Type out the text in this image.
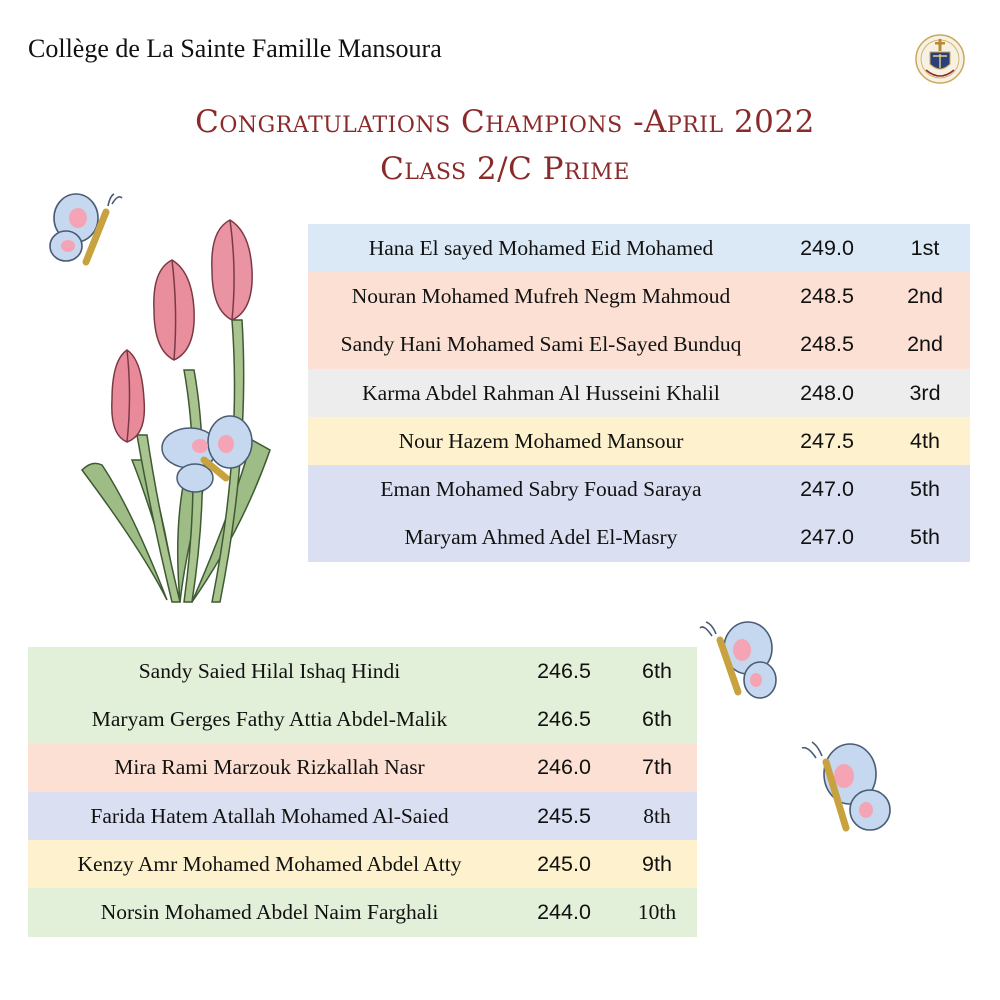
Collège de La Sainte Famille Mansoura
Congratulations Champions -April 2022
Class 2/C Prime
Hana El sayed Mohamed Eid Mohamed	249.0	1st
Nouran Mohamed Mufreh Negm Mahmoud	248.5	2nd
Sandy Hani Mohamed Sami El-Sayed Bunduq	248.5	2nd
Karma Abdel Rahman Al Husseini Khalil	248.0	3rd
Nour Hazem Mohamed Mansour	247.5	4th
Eman Mohamed Sabry Fouad Saraya	247.0	5th
Maryam Ahmed Adel El-Masry	247.0	5th
Sandy Saied Hilal Ishaq Hindi	246.5	6th
Maryam Gerges Fathy Attia Abdel-Malik	246.5	6th
Mira Rami Marzouk Rizkallah Nasr	246.0	7th
Farida Hatem Atallah Mohamed Al-Saied	245.5	8th
Kenzy Amr Mohamed Mohamed Abdel Atty	245.0	9th
Norsin Mohamed Abdel Naim Farghali	244.0	10th
